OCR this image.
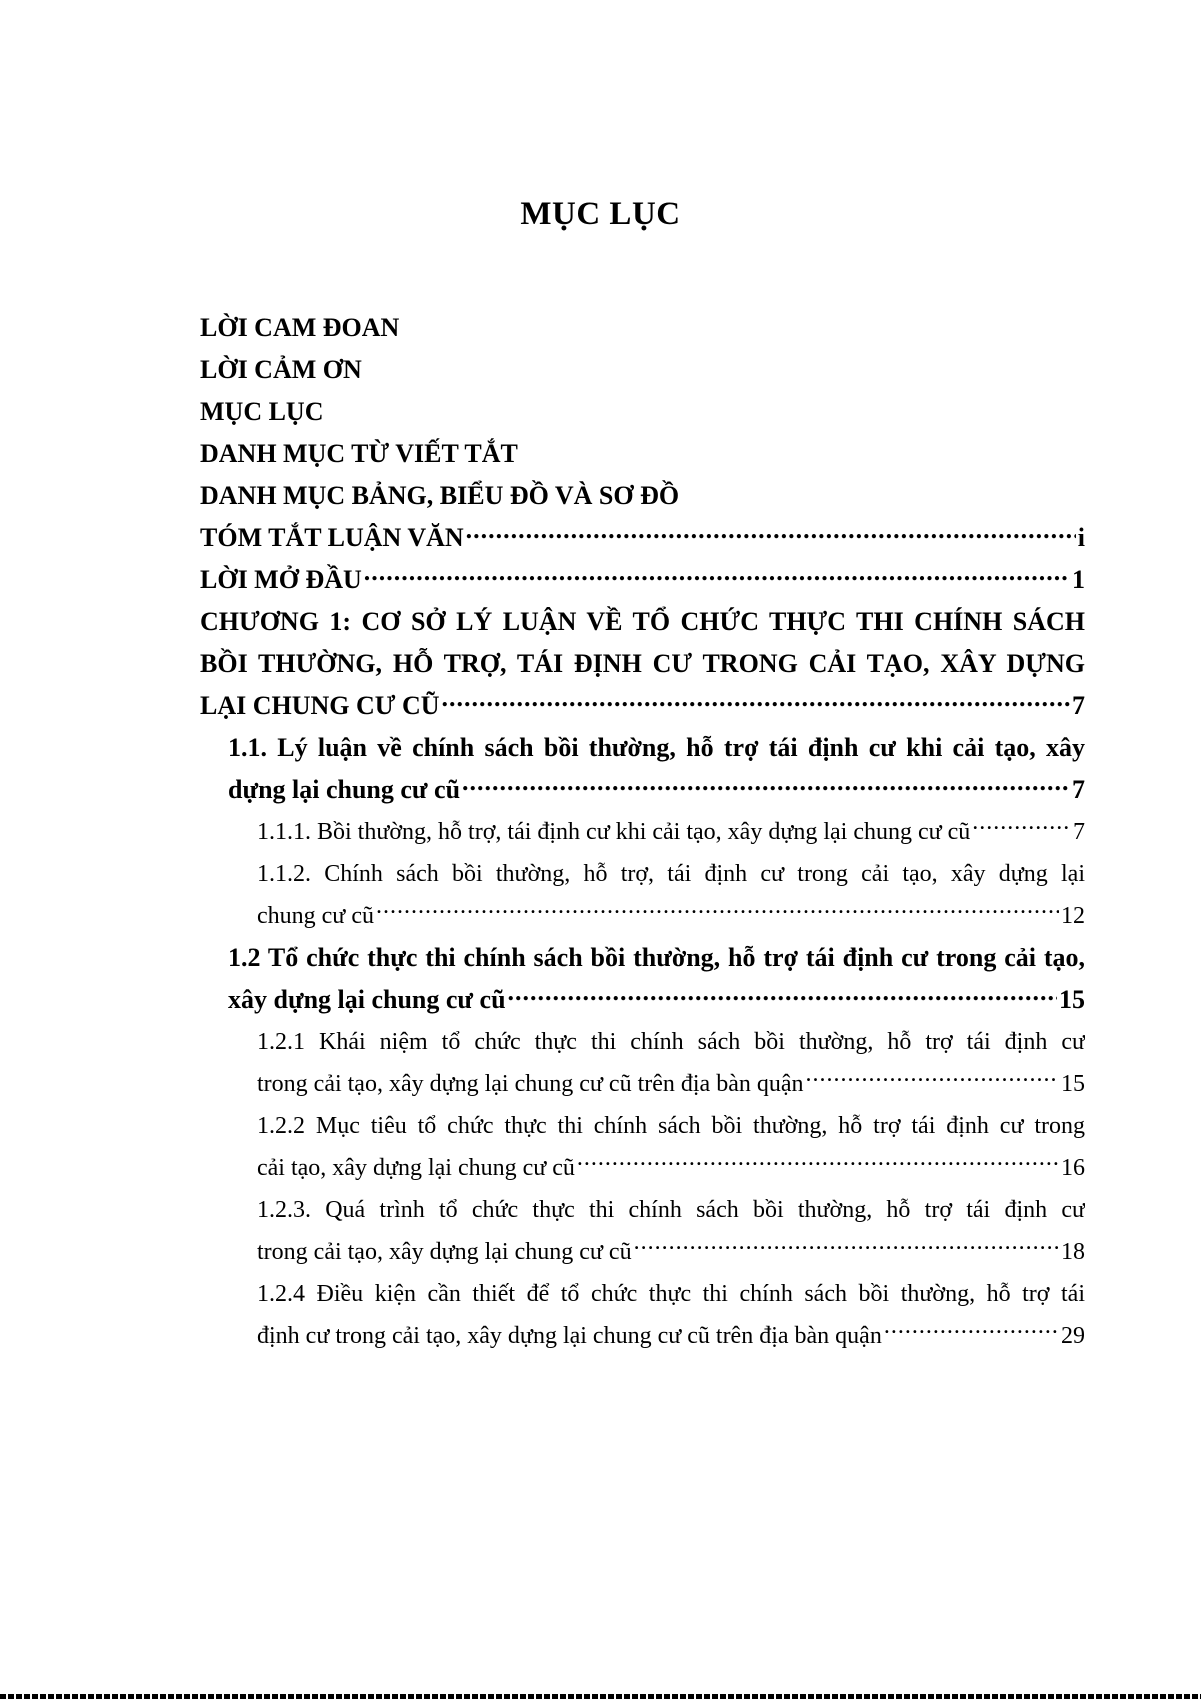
MỤC LỤC
LỜI CAM ĐOAN
LỜI CẢM ƠN
MỤC LỤC
DANH MỤC TỪ VIẾT TẮT
DANH MỤC BẢNG, BIỂU ĐỒ VÀ SƠ ĐỒ
TÓM TẮT LUẬN VĂN .....	i
LỜI MỞ ĐẦU .....	1
CHƯƠNG 1: CƠ SỞ LÝ LUẬN VỀ TỔ CHỨC THỰC THI CHÍNH SÁCH
BỒI THƯỜNG, HỖ TRỢ, TÁI ĐỊNH CƯ TRONG CẢI TẠO, XÂY DỰNG
LẠI CHUNG CƯ CŨ .....	7
1.1. Lý luận về chính sách bồi thường, hỗ trợ tái định cư khi cải tạo, xây
dựng lại chung cư cũ .....	7
1.1.1. Bồi thường, hỗ trợ, tái định cư khi cải tạo, xây dựng lại chung cư cũ .....	7
1.1.2. Chính sách bồi thường, hỗ trợ, tái định cư trong cải tạo, xây dựng lại
chung cư cũ .....	12
1.2 Tổ chức thực thi chính sách bồi thường, hỗ trợ tái định cư trong cải tạo,
xây dựng lại chung cư cũ .....	15
1.2.1 Khái niệm tổ chức thực thi chính sách bồi thường, hỗ trợ tái định cư
trong cải tạo, xây dựng lại chung cư cũ trên địa bàn quận .....	15
1.2.2 Mục tiêu tổ chức thực thi chính sách bồi thường, hỗ trợ tái định cư trong
cải tạo, xây dựng lại chung cư cũ .....	16
1.2.3. Quá trình tổ chức thực thi chính sách bồi thường, hỗ trợ tái định cư
trong cải tạo, xây dựng lại chung cư cũ .....	18
1.2.4 Điều kiện cần thiết để tổ chức thực thi chính sách bồi thường, hỗ trợ tái
định cư trong cải tạo, xây dựng lại chung cư cũ trên địa bàn quận .....	29
